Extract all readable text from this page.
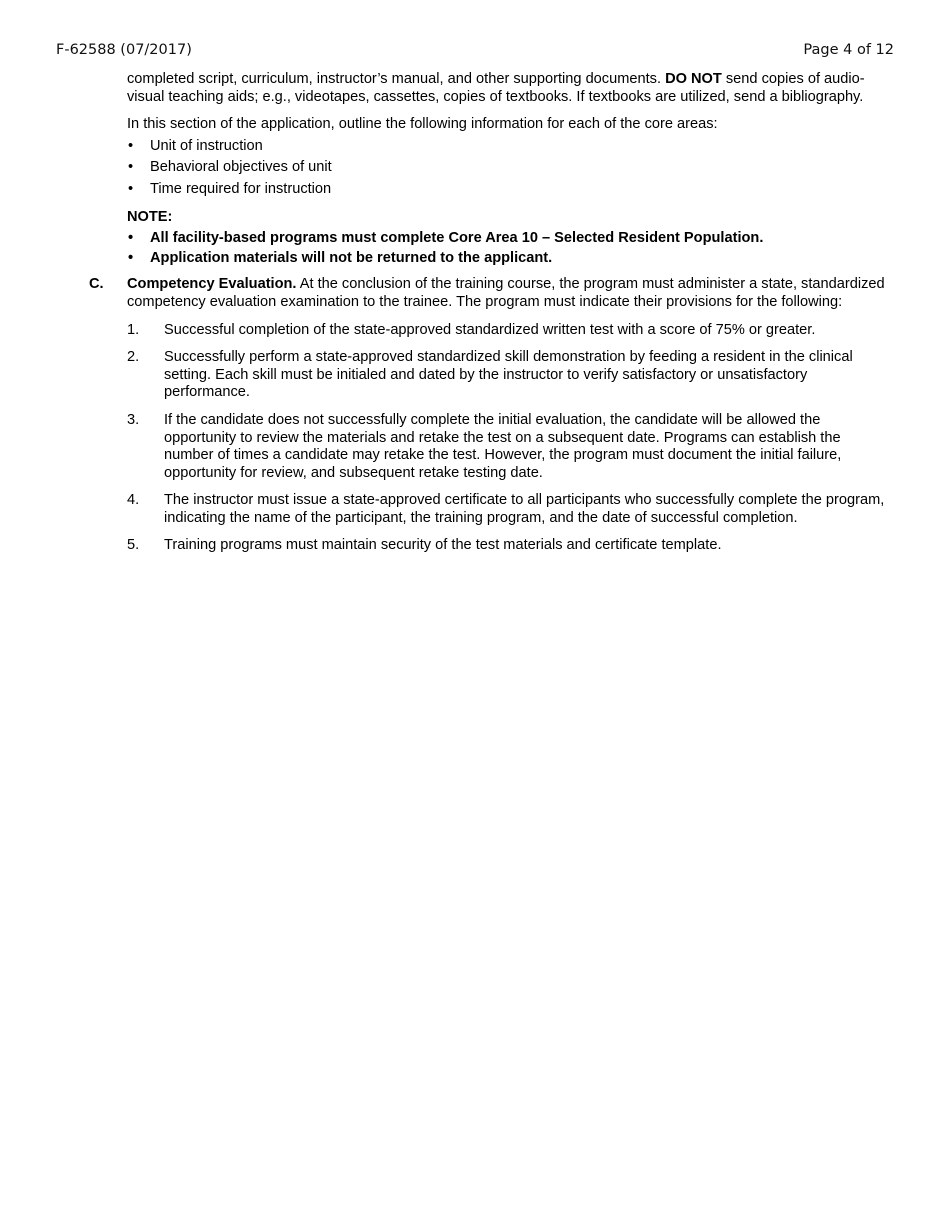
F-62588 (07/2017)	Page 4 of 12

completed script, curriculum, instructor’s manual, and other supporting documents. DO NOT send copies of audio-visual teaching aids; e.g., videotapes, cassettes, copies of textbooks. If textbooks are utilized, send a bibliography.

In this section of the application, outline the following information for each of the core areas:

• Unit of instruction
• Behavioral objectives of unit
• Time required for instruction

NOTE:

• All facility-based programs must complete Core Area 10 – Selected Resident Population.
• Application materials will not be returned to the applicant.
C. Competency Evaluation. At the conclusion of the training course, the program must administer a state, standardized competency evaluation examination to the trainee. The program must indicate their provisions for the following:

1. Successful completion of the state-approved standardized written test with a score of 75% or greater.
2. Successfully perform a state-approved standardized skill demonstration by feeding a resident in the clinical setting. Each skill must be initialed and dated by the instructor to verify satisfactory or unsatisfactory performance.
3. If the candidate does not successfully complete the initial evaluation, the candidate will be allowed the opportunity to review the materials and retake the test on a subsequent date. Programs can establish the number of times a candidate may retake the test. However, the program must document the initial failure, opportunity for review, and subsequent retake testing date.
4. The instructor must issue a state-approved certificate to all participants who successfully complete the program, indicating the name of the participant, the training program, and the date of successful completion.
5. Training programs must maintain security of the test materials and certificate template.
